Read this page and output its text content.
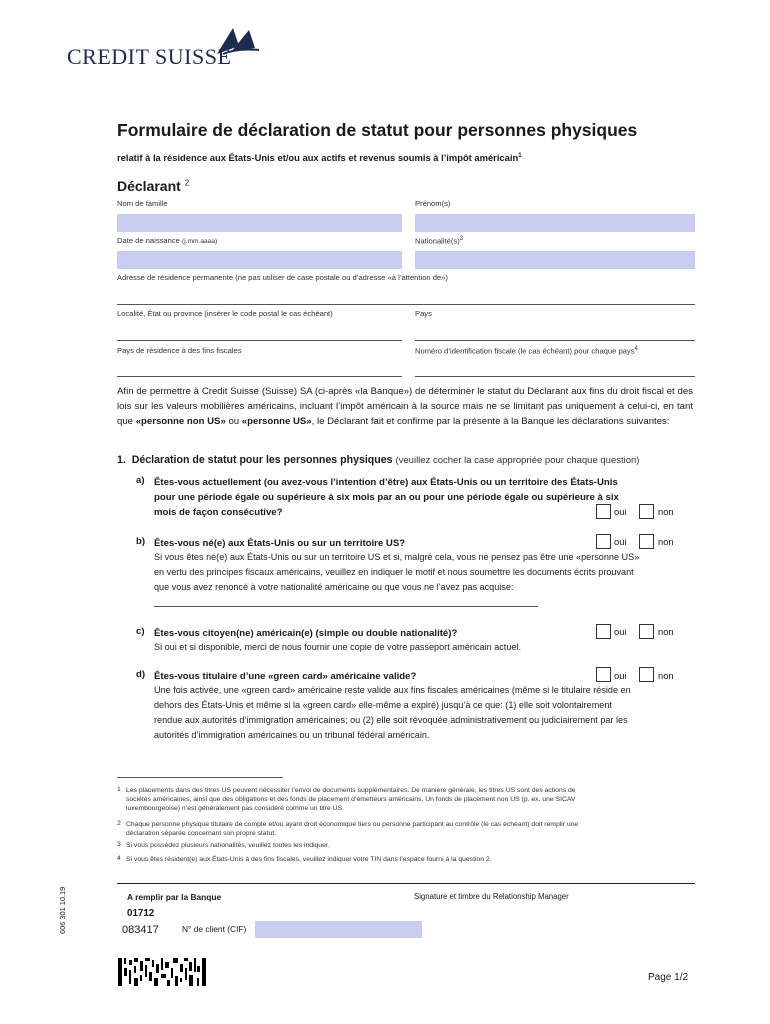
CREDIT SUISSE
Formulaire de déclaration de statut pour personnes physiques
relatif à la résidence aux États-Unis et/ou aux actifs et revenus soumis à l’impôt américain$^1$
Déclarant $^2$
Nom de famille	Prénom(s)
Date de naissance (j.mm.aaaa)	$Nationalité(s)^3$
Adresse de résidence permanente (ne pas utiliser de case postale ou d’adresse «à l’attention de»)
Localité, État ou province (insérer le code postal le cas échéant)	Pays
Pays de résidence à des fins fiscales	Numéro d’identification fiscale (le cas échéant) pour chaque pays$^4$
Afin de permettre à Credit Suisse (Suisse) SA (ci-après «la Banque») de déterminer le statut du Déclarant aux fins du droit fiscal et des lois sur les valeurs mobilières américains, incluant l’impôt américain à la source mais ne se limitant pas uniquement à celui-ci, en tant que «personne non US» ou «personne US», le Déclarant fait et confirme par la présente à la Banque les déclarations suivantes:
1. Déclaration de statut pour les personnes physiques (veuillez cocher la case appropriée pour chaque question)
a) Êtes-vous actuellement (ou avez-vous l’intention d’être) aux États-Unis ou un territoire des États-Unis
pour une période égale ou supérieure à six mois par an ou pour une période égale ou supérieure à six
mois de façon consécutive?	oui	non
b) Êtes-vous né(e) aux États-Unis ou sur un territoire US?	oui	non
Si vous êtes né(e) aux États-Unis ou sur un territoire US et si, malgré cela, vous ne pensez pas être une «personne US»
en vertu des principes fiscaux américains, veuillez en indiquer le motif et nous soumettre les documents écrits prouvant
que vous avez renoncé à votre nationalité américaine ou que vous ne l’avez pas acquise:
c) Êtes-vous citoyen(ne) américain(e) (simple ou double nationalité)?	oui	non
Si oui et si disponible, merci de nous fournir une copie de votre passeport américain actuel.
d) Êtes-vous titulaire d’une «green card» américaine valide?	oui	non
Une fois activée, une «green card» américaine reste valide aux fins fiscales américaines (même si le titulaire réside en
dehors des États-Unis et même si la «green card» elle-même a expiré) jusqu’à ce que: (1) elle soit volontairement
rendue aux autorités d’immigration américaines; ou (2) elle soit révoquée administrativement ou judiciairement par les
autorités d’immigration américaines ou un tribunal fédéral américain.
1 Les placements dans des titres US peuvent nécessiter l’envoi de documents supplémentaires. De manière générale, les titres US sont des actions de
sociétés américaines, ainsi que des obligations et des fonds de placement d’émetteurs américains. Un fonds de placement non US (p. ex. une SICAV
luxembourgeoise) n’est généralement pas considéré comme un titre US.
2 Chaque personne physique titulaire de compte et/ou ayant droit économique tiers ou personne participant au contrôle (le cas échéant) doit remplir une
déclaration séparée concernant son propre statut.
3 Si vous possédez plusieurs nationalités, veuillez toutes les indiquer.
4 Si vous êtes résident(e) aux États-Unis à des fins fiscales, veuillez indiquer votre TIN dans l’espace fourni à la question 2.
A remplir par la Banque	Signature et timbre du Relationship Manager
01712
083417	N° de client (CIF)
606 301 10.19
Page 1/2
